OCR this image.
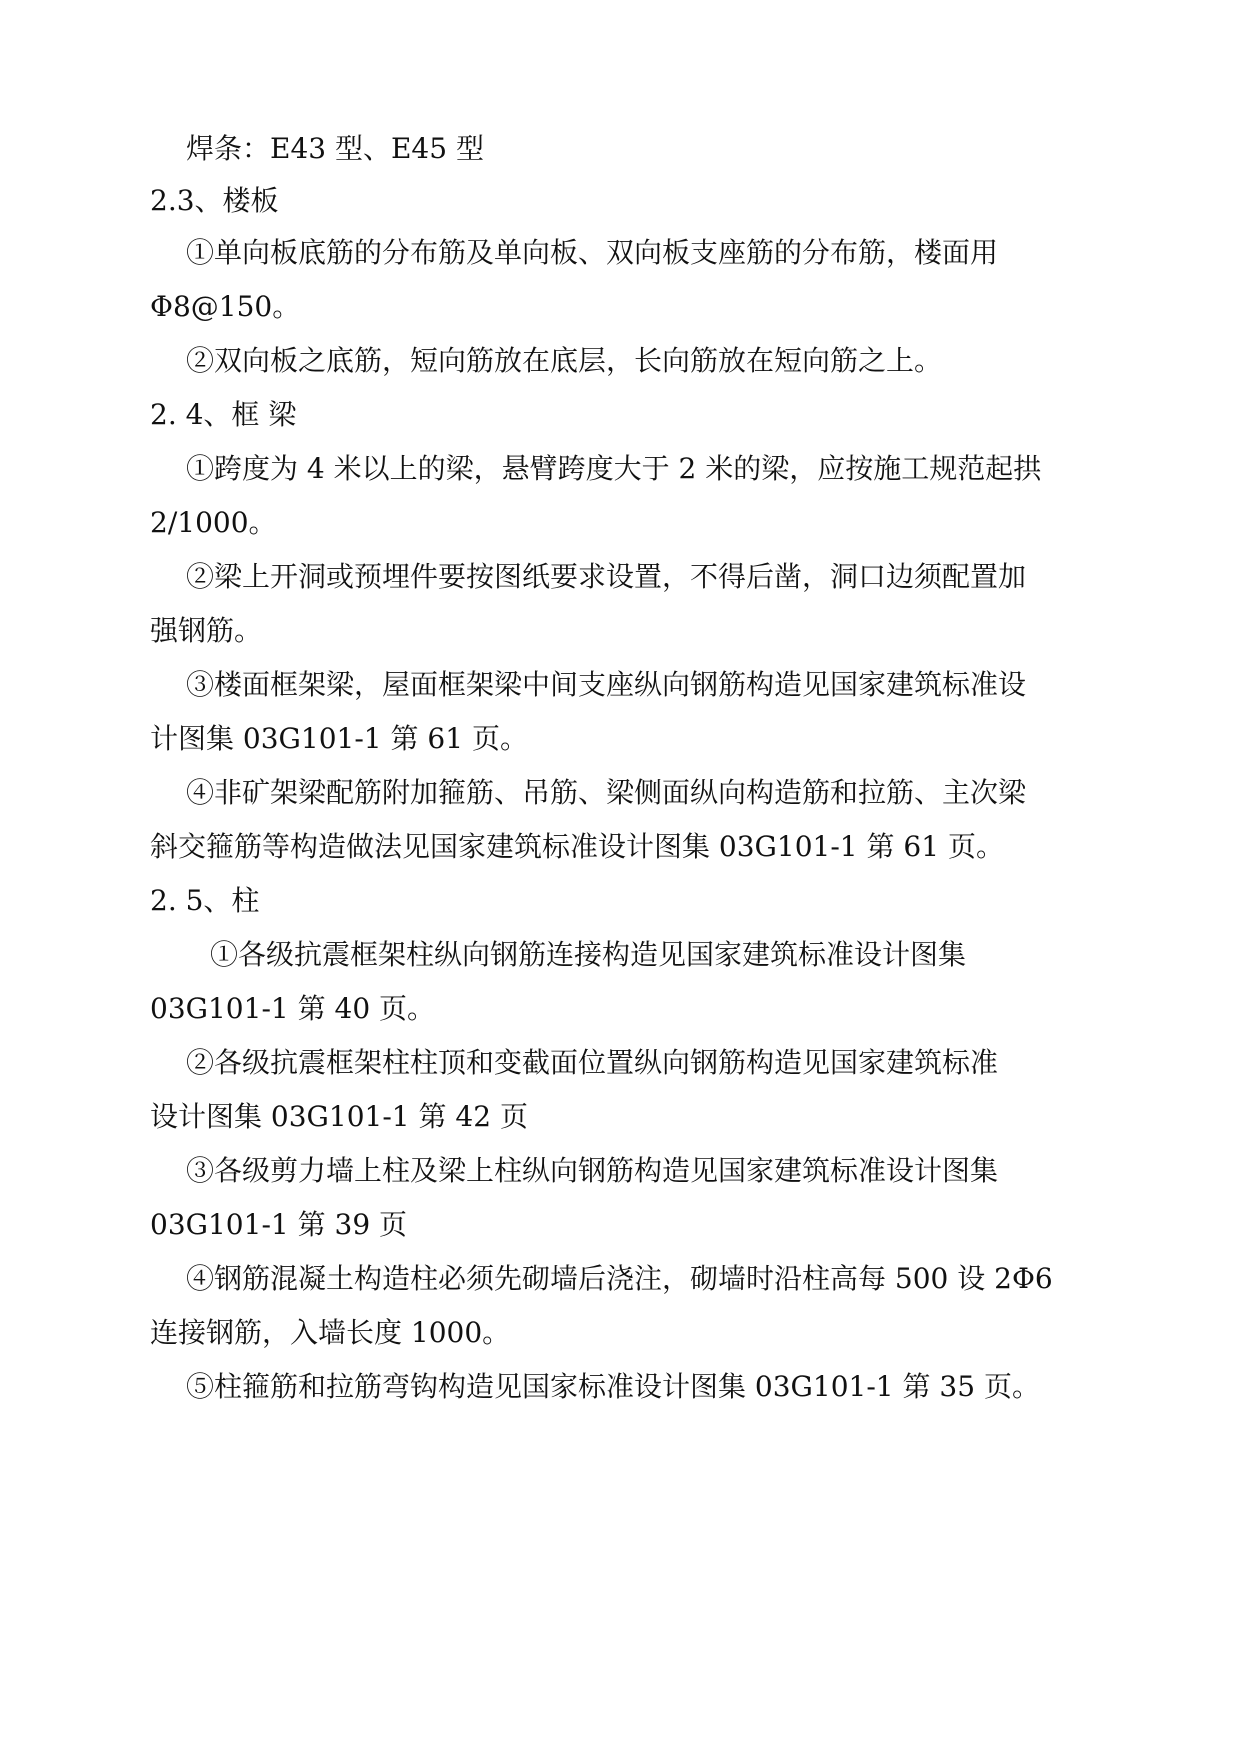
焊条：E43 型、E45 型
2.3、楼板
①单向板底筋的分布筋及单向板、双向板支座筋的分布筋，楼面用
Φ8@150。
②双向板之底筋，短向筋放在底层，长向筋放在短向筋之上。
2. 4、框 梁
①跨度为 4 米以上的梁，悬臂跨度大于 2 米的梁，应按施工规范起拱
2/1000。
②梁上开洞或预埋件要按图纸要求设置，不得后凿，洞口边须配置加
强钢筋。
③楼面框架梁，屋面框架梁中间支座纵向钢筋构造见国家建筑标准设
计图集 03G101-1 第 61 页。
④非矿架梁配筋附加箍筋、吊筋、梁侧面纵向构造筋和拉筋、主次梁
斜交箍筋等构造做法见国家建筑标准设计图集 03G101-1 第 61 页。
2. 5、柱
①各级抗震框架柱纵向钢筋连接构造见国家建筑标准设计图集
03G101-1 第 40 页。
②各级抗震框架柱柱顶和变截面位置纵向钢筋构造见国家建筑标准
设计图集 03G101-1 第 42 页
③各级剪力墙上柱及梁上柱纵向钢筋构造见国家建筑标准设计图集
03G101-1 第 39 页
④钢筋混凝土构造柱必须先砌墙后浇注，砌墙时沿柱高每 500 设 2Φ6
连接钢筋，入墙长度 1000。
⑤柱箍筋和拉筋弯钩构造见国家标准设计图集 03G101-1 第 35 页。
